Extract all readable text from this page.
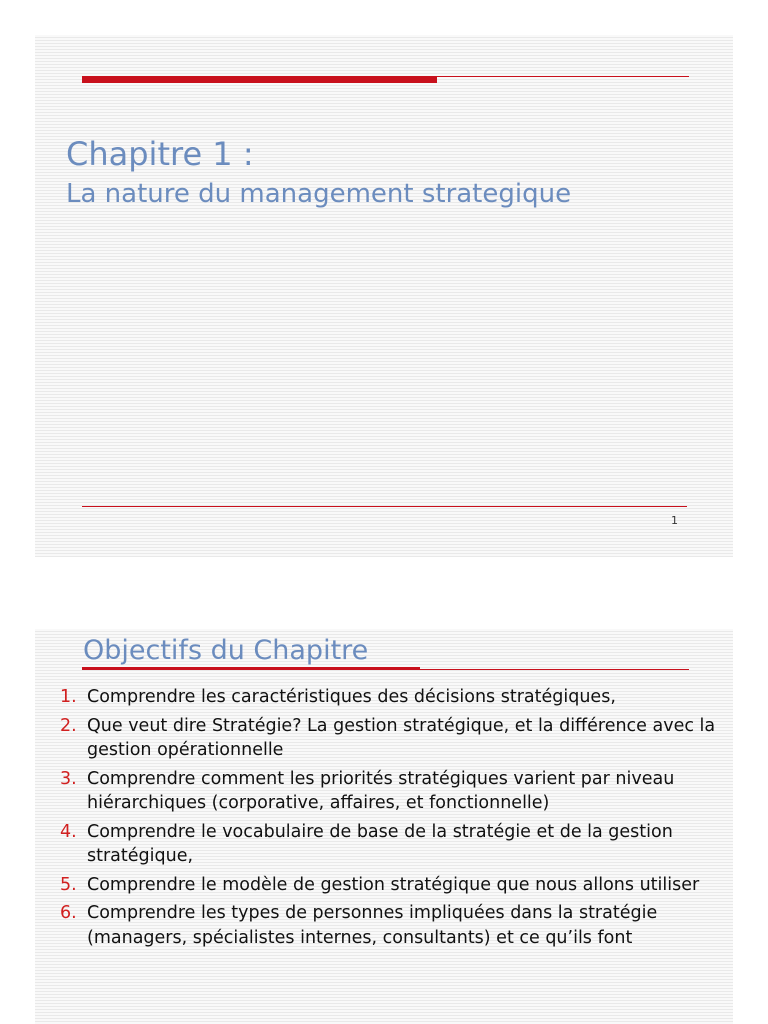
Chapitre 1 :
La nature du management strategique
1
Objectifs du Chapitre
1. Comprendre les caractéristiques des décisions stratégiques,
2. Que veut dire Stratégie? La gestion stratégique, et la différence avec la gestion opérationnelle
3. Comprendre comment les priorités stratégiques varient par niveau hiérarchiques (corporative, affaires, et fonctionnelle)
4. Comprendre le vocabulaire de base de la stratégie et de la gestion stratégique,
5. Comprendre le modèle de gestion stratégique que nous allons utiliser
6. Comprendre les types de personnes impliquées dans la stratégie (managers, spécialistes internes, consultants) et ce qu’ils font
